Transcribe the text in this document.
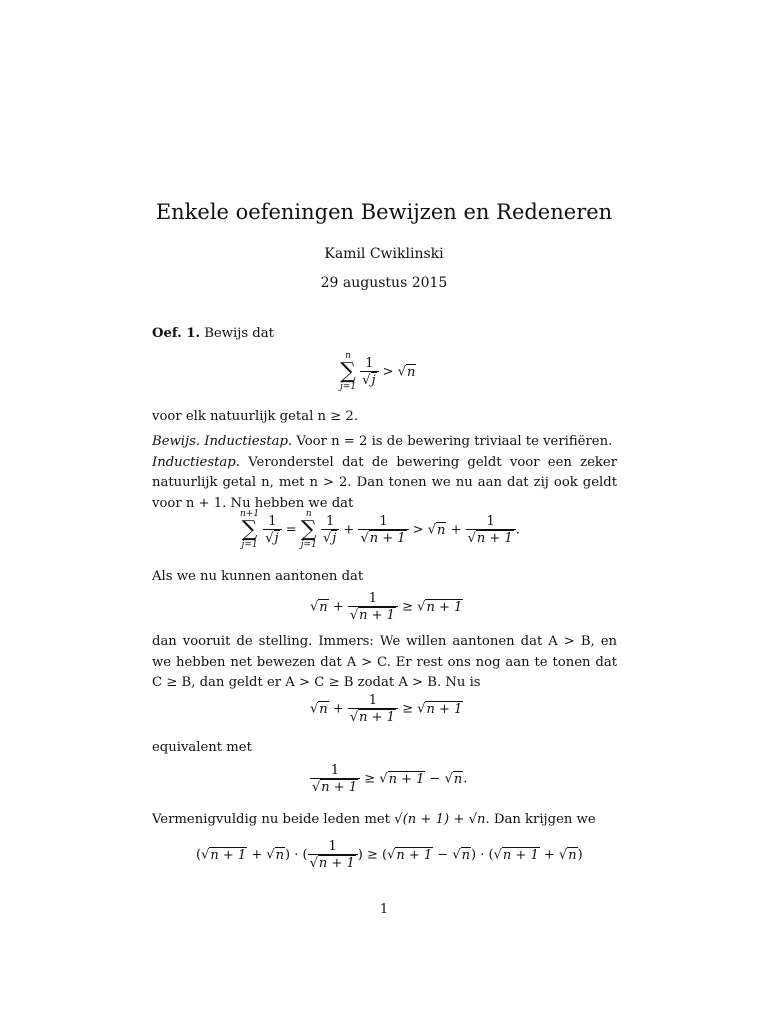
Enkele oefeningen Bewijzen en Redeneren
Kamil Cwiklinski
29 augustus 2015
Oef. 1. Bewijs dat
n
∑
j=1
$\frac{1}{√j} > √n$
voor elk natuurlijk getal n ≥ 2.
Bewijs. Inductiestap. Voor n = 2 is de bewering triviaal te verifiëren.
Inductiestap. Veronderstel dat de bewering geldt voor een zeker natuurlijk getal n, met n > 2. Dan tonen we nu aan dat zij ook geldt voor n + 1. Nu hebben we dat
n+1
∑
j=1
$\frac{1}{√j}$ =
n
∑
j=1
$\frac{1}{√j} + \frac{1}{√n + 1} > √n + \frac{1}{√n + 1}$ .
Als we nu kunnen aantonen dat
$√n + \frac{1}{√n + 1} \ge √n + 1$
dan vooruit de stelling. Immers: We willen aantonen dat A > B, en we hebben net bewezen dat A > C. Er rest ons nog aan te tonen dat C ≥ B, dan geldt er A > C ≥ B zodat A > B. Nu is
$√n + \frac{1}{√n + 1} \ge √n + 1$
equivalent met
$\frac{1}{√n + 1} \ge √n + 1 - √n$.
Vermenigvuldig nu beide leden met √(n + 1) + √n. Dan krijgen we
(√n + 1 + √n) · ( $\frac{1}{√n + 1}$ ) ≥ (√n + 1 − √n) · (√n + 1 + √n)
1
